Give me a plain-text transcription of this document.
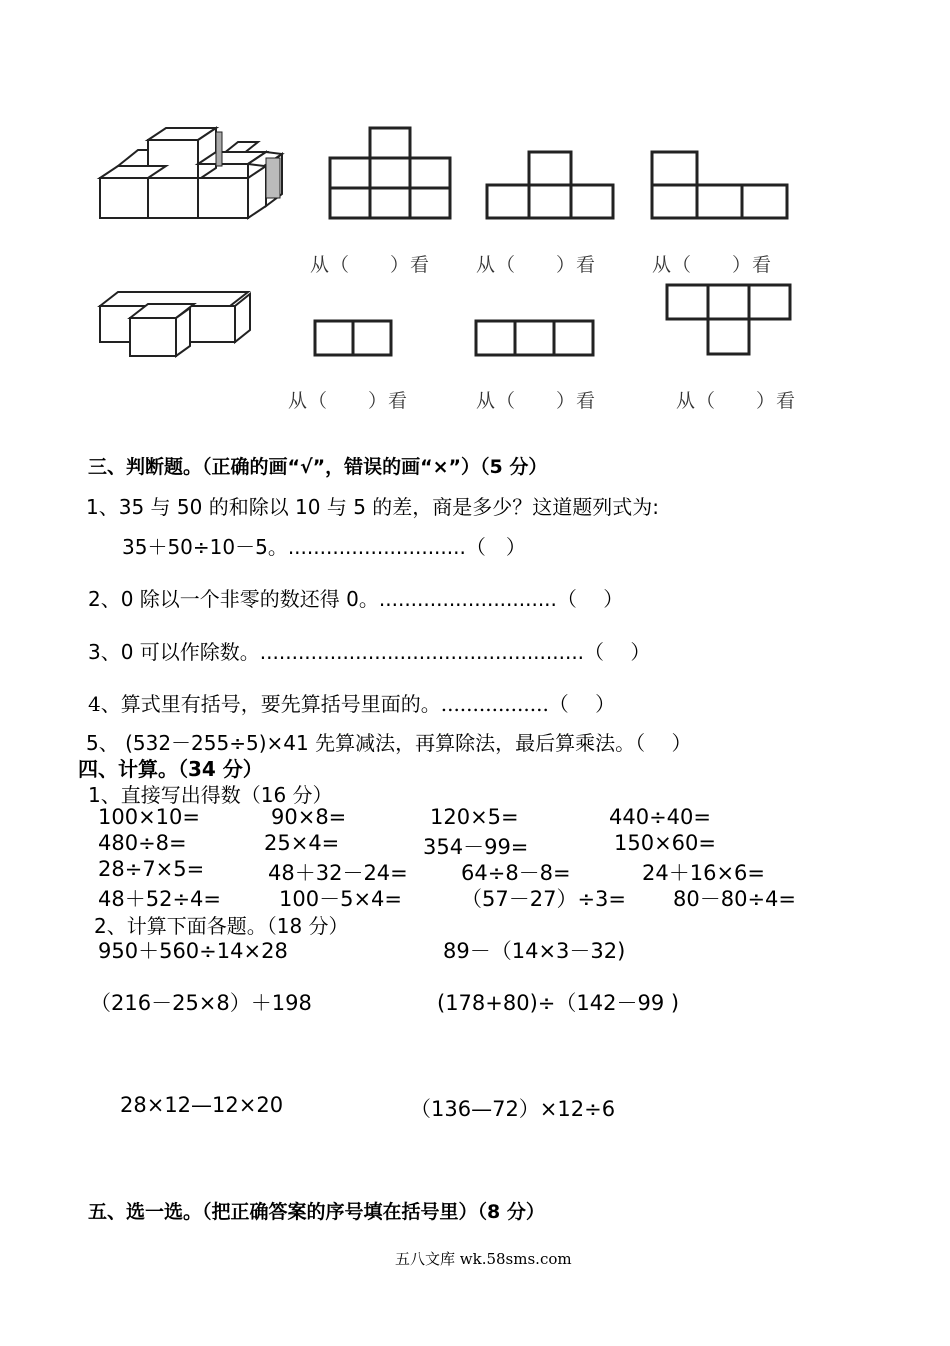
从（　　）看 从（　　）看	从（　　）看
从（　　）看	从（　　）看	从（　　）看
三、判断题。（正确的画“√”，错误的画“×”）（5 分）
1、35 与 50 的和除以 10 与 5 的差，商是多少？这道题列式为:
35＋50÷10－5。............................（　）
2、0 除以一个非零的数还得 0。............................（　 ）
3、0 可以作除数。...................................................（　 ）
4、算式里有括号，要先算括号里面的。.................（　 ）
5、 (532－255÷5)×41 先算减法，再算除法，最后算乘法。（　 ）
四、计算。（34 分）
1、直接写出得数（16 分）
100×10=	90×8=	120×5=	440÷40=
480÷8=	25×4=	354－99=	150×60=
28÷7×5=	48＋32－24=	64÷8－8=	24＋16×6=
48＋52÷4=	100－5×4=	（57－27）÷3= 80－80÷4=
2、计算下面各题。（18 分）
950＋560÷14×28	89－（14×3－32)
（216－25×8）＋198	(178+80)÷（142－99 )
28×12—12×20	（136—72）×12÷6
五、选一选。（把正确答案的序号填在括号里）（8 分）
五八文库 wk.58sms.com
